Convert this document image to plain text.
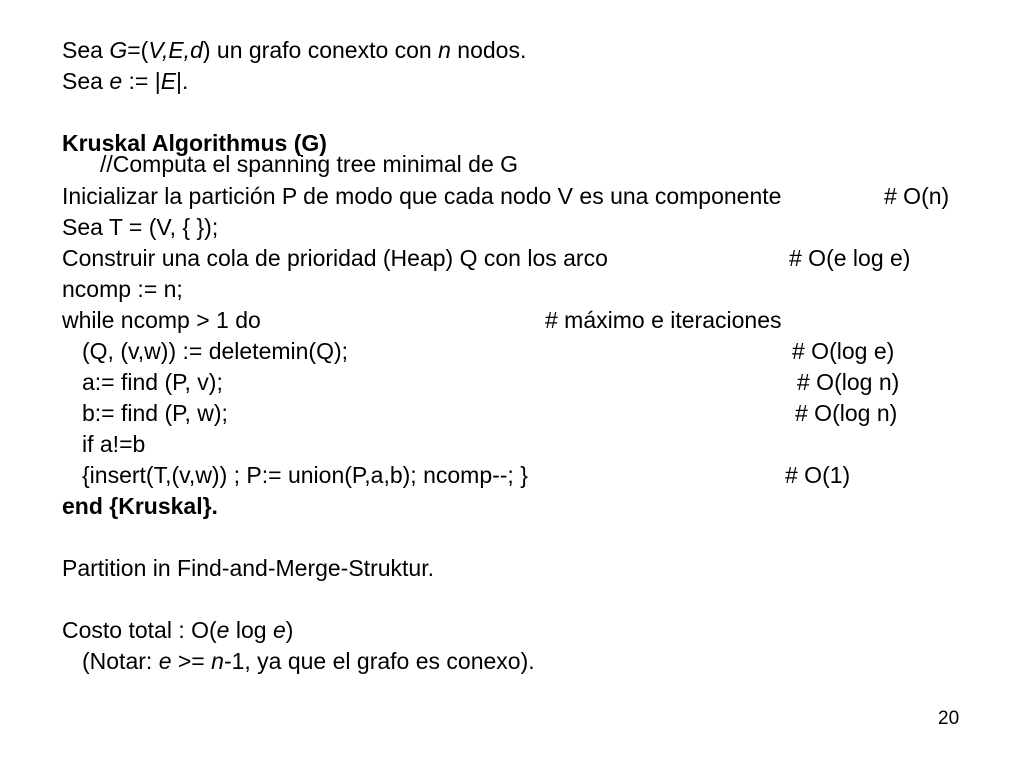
Sea G=(V,E,d) un grafo conexto con n nodos.
Sea e := |E|.
Kruskal Algorithmus (G)
//Computa el spanning tree minimal de G
Inicializar la partición P de modo que cada nodo V es una componente	# O(n)
Sea T = (V, { });
Construir una cola de prioridad (Heap) Q con los arco	# O(e log e)
ncomp := n;
while ncomp > 1 do	# máximo e iteraciones
(Q, (v,w)) := deletemin(Q);	# O(log e)
a:= find (P, v);	# O(log n)
b:= find (P, w);	# O(log n)
if a!=b
{insert(T,(v,w)) ; P:= union(P,a,b); ncomp--; }	# O(1)
end {Kruskal}.
Partition in Find-and-Merge-Struktur.
Costo total : O(e log e)
(Notar: e >= n-1, ya que el grafo es conexo).
20
